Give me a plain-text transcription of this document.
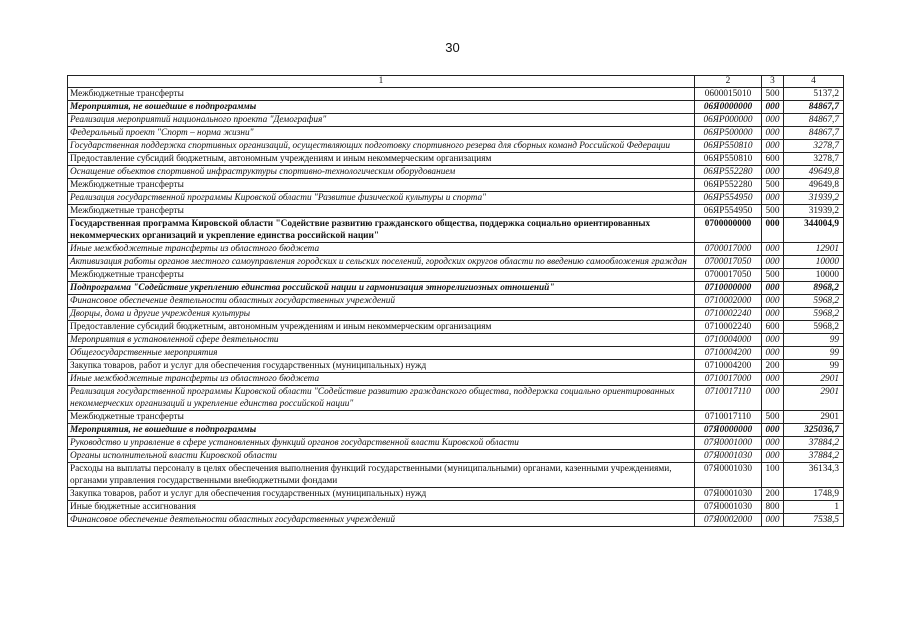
30
1	2	3	4
Межбюджетные трансферты	0600015010	500	5137,2
Мероприятия, не вошедшие в подпрограммы	06Я0000000	000	84867,7
Реализация мероприятий национального проекта "Демография"	06ЯР000000	000	84867,7
Федеральный проект "Спорт – норма жизни"	06ЯР500000	000	84867,7
Государственная поддержка спортивных организаций, осуществляющих подготовку спортивного резерва для сборных команд Российской Федерации	06ЯР550810	000	3278,7
Предоставление субсидий бюджетным, автономным учреждениям и иным некоммерческим организациям	06ЯР550810	600	3278,7
Оснащение объектов спортивной инфраструктуры спортивно-технологическим оборудованием	06ЯР552280	000	49649,8
Межбюджетные трансферты	06ЯР552280	500	49649,8
Реализация государственной программы Кировской области "Развитие физической культуры и спорта"	06ЯР554950	000	31939,2
Межбюджетные трансферты	06ЯР554950	500	31939,2
Государственная программа Кировской области "Содействие развитию гражданского общества, поддержка социально ориентированных некоммерческих организаций и укрепление единства российской нации"	0700000000	000	344004,9
Иные межбюджетные трансферты из областного бюджета	0700017000	000	12901
Активизация работы органов местного самоуправления городских и сельских поселений, городских округов области по введению самообложения граждан	0700017050	000	10000
Межбюджетные трансферты	0700017050	500	10000
Подпрограмма "Содействие укреплению единства российской нации и гармонизация этнорелигиозных отношений"	0710000000	000	8968,2
Финансовое обеспечение деятельности областных государственных учреждений	0710002000	000	5968,2
Дворцы, дома и другие учреждения культуры	0710002240	000	5968,2
Предоставление субсидий бюджетным, автономным учреждениям и иным некоммерческим организациям	0710002240	600	5968,2
Мероприятия в установленной сфере деятельности	0710004000	000	99
Общегосударственные мероприятия	0710004200	000	99
Закупка товаров, работ и услуг для обеспечения государственных (муниципальных) нужд	0710004200	200	99
Иные межбюджетные трансферты из областного бюджета	0710017000	000	2901
Реализация государственной программы Кировской области "Содействие развитию гражданского общества, поддержка социально ориентированных некоммерческих организаций и укрепление единства российской нации"	0710017110	000	2901
Межбюджетные трансферты	0710017110	500	2901
Мероприятия, не вошедшие в подпрограммы	07Я0000000	000	325036,7
Руководство и управление в сфере установленных функций органов государственной власти Кировской области	07Я0001000	000	37884,2
Органы исполнительной власти Кировской области	07Я0001030	000	37884,2
Расходы на выплаты персоналу в целях обеспечения выполнения функций государственными (муниципальными) органами, казенными учреждениями, органами управления государственными внебюджетными фондами	07Я0001030	100	36134,3
Закупка товаров, работ и услуг для обеспечения государственных (муниципальных) нужд	07Я0001030	200	1748,9
Иные бюджетные ассигнования	07Я0001030	800	1
Финансовое обеспечение деятельности областных государственных учреждений	07Я0002000	000	7538,5
